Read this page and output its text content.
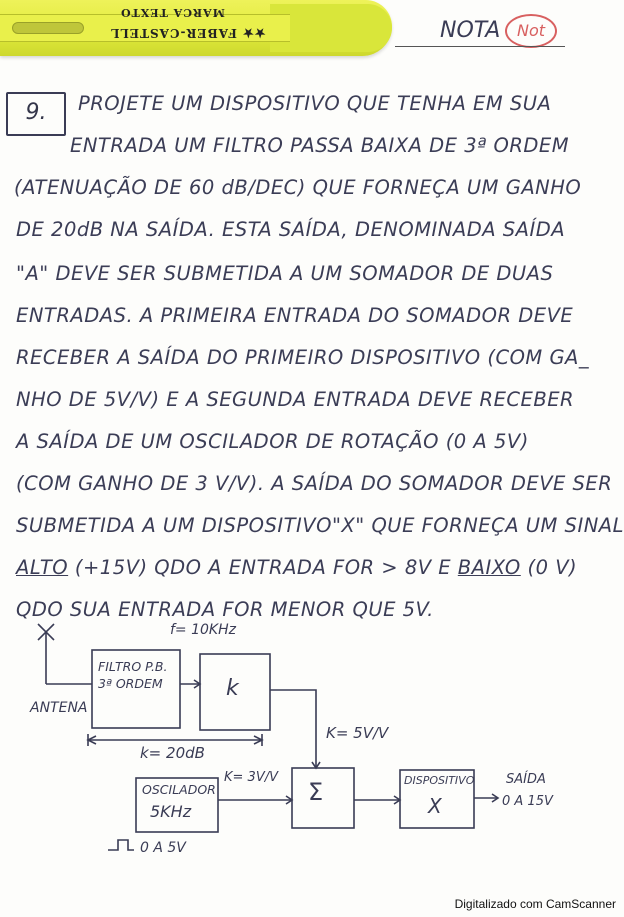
MARCA TEXTO
★★ FABER-CASTELL	NOTA	Not
9.	PROJETE UM DISPOSITIVO QUE TENHA EM SUA
ENTRADA UM FILTRO PASSA BAIXA DE 3ª ORDEM
(ATENUAÇÃO DE 60 dB/DEC) QUE FORNEÇA UM GANHO
DE 20dB NA SAÍDA. ESTA SAÍDA, DENOMINADA SAÍDA
"A" DEVE SER SUBMETIDA A UM SOMADOR DE DUAS
ENTRADAS. A PRIMEIRA ENTRADA DO SOMADOR DEVE
RECEBER A SAÍDA DO PRIMEIRO DISPOSITIVO (COM GA_
NHO DE 5V/V) E A SEGUNDA ENTRADA DEVE RECEBER
A SAÍDA DE UM OSCILADOR DE ROTAÇÃO (0 A 5V)
(COM GANHO DE 3 V/V). A SAÍDA DO SOMADOR DEVE SER
SUBMETIDA A UM DISPOSITIVO"X" QUE FORNEÇA UM SINAL
ALTO (+15V) QDO A ENTRADA FOR > 8V E BAIXO (0 V)
QDO SUA ENTRADA FOR MENOR QUE 5V.
f= 10KHz
ANTENA
FILTRO P.B. 3ª ORDEM	k
k= 20dB
K= 5V/V
OSCILADOR
5KHz
K= 3V/V
Σ	DISPOSITIVO
X
SAÍDA
0 A 15V
0 A 5V
Digitalizado com CamScanner
